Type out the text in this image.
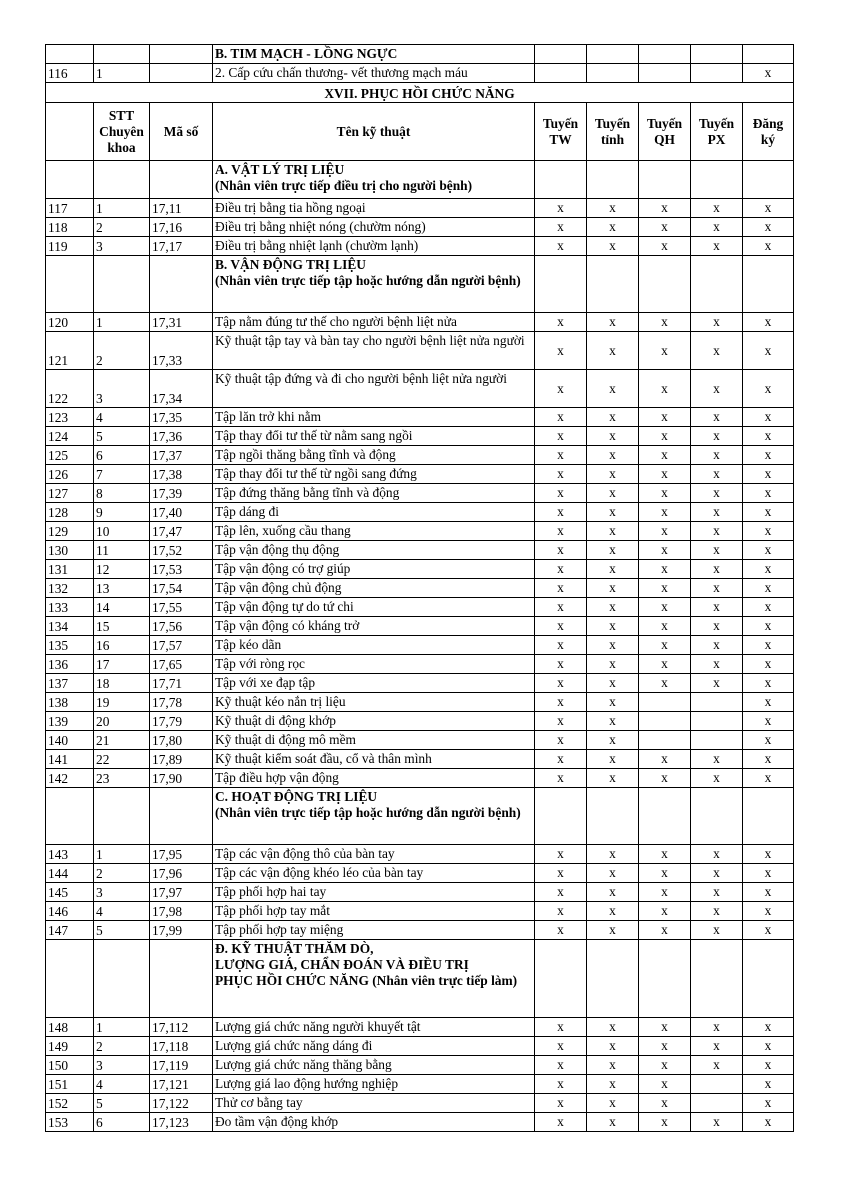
			B. TIM MẠCH - LỒNG NGỰC					
116	1		2. Cấp cứu chấn thương- vết thương mạch máu					x
XVII. PHỤC HỒI CHỨC NĂNG								
	STT Chuyên khoa	Mã số	Tên kỹ thuật	Tuyến TW	Tuyến tỉnh	Tuyến QH	Tuyến PX	Đăng ký
			A. VẬT LÝ TRỊ LIỆU
(Nhân viên trực tiếp điều trị cho người bệnh)					
117	1	17,11	Điều trị bằng tia hồng ngoại	x	x	x	x	x
118	2	17,16	Điều trị bằng nhiệt nóng (chườm nóng)	x	x	x	x	x
119	3	17,17	Điều trị bằng nhiệt lạnh (chườm lạnh)	x	x	x	x	x
			B. VẬN ĐỘNG TRỊ LIỆU
(Nhân viên trực tiếp tập hoặc hướng dẫn người bệnh)					
120	1	17,31	Tập nằm đúng tư thế cho người bệnh liệt nửa	x	x	x	x	x
121	2	17,33	Kỹ thuật tập tay và bàn tay cho người bệnh liệt nửa người	x	x	x	x	x
122	3	17,34	Kỹ thuật tập đứng và đi cho người bệnh liệt nửa người	x	x	x	x	x
123	4	17,35	Tập lăn trở khi nằm	x	x	x	x	x
124	5	17,36	Tập thay đổi tư thế từ nằm sang ngồi	x	x	x	x	x
125	6	17,37	Tập ngồi thăng bằng tĩnh và động	x	x	x	x	x
126	7	17,38	Tập thay đổi tư thế từ ngồi sang đứng	x	x	x	x	x
127	8	17,39	Tập đứng thăng bằng tĩnh và động	x	x	x	x	x
128	9	17,40	Tập dáng đi	x	x	x	x	x
129	10	17,47	Tập lên, xuống cầu thang	x	x	x	x	x
130	11	17,52	Tập vận động thụ động	x	x	x	x	x
131	12	17,53	Tập vận động có trợ giúp	x	x	x	x	x
132	13	17,54	Tập vận động chủ động	x	x	x	x	x
133	14	17,55	Tập vận động tự do tứ chi	x	x	x	x	x
134	15	17,56	Tập vận động có kháng trở	x	x	x	x	x
135	16	17,57	Tập kéo dãn	x	x	x	x	x
136	17	17,65	Tập với ròng rọc	x	x	x	x	x
137	18	17,71	Tập với xe đạp tập	x	x	x	x	x
138	19	17,78	Kỹ thuật kéo nắn trị liệu	x	x			x
139	20	17,79	Kỹ thuật di động khớp	x	x			x
140	21	17,80	Kỹ thuật di động mô mềm	x	x			x
141	22	17,89	Kỹ thuật kiểm soát đầu, cổ và thân mình	x	x	x	x	x
142	23	17,90	Tập điều hợp vận động	x	x	x	x	x
			C. HOẠT ĐỘNG TRỊ LIỆU
(Nhân viên trực tiếp tập hoặc hướng dẫn người bệnh)					
143	1	17,95	Tập các vận động thô của bàn tay	x	x	x	x	x
144	2	17,96	Tập các vận động khéo léo của bàn tay	x	x	x	x	x
145	3	17,97	Tập phối hợp hai tay	x	x	x	x	x
146	4	17,98	Tập phối hợp tay mắt	x	x	x	x	x
147	5	17,99	Tập phối hợp tay miệng	x	x	x	x	x
			Đ. KỸ THUẬT THĂM DÒ,
LƯỢNG GIÁ, CHẨN ĐOÁN VÀ ĐIỀU TRỊ
PHỤC HỒI CHỨC NĂNG (Nhân viên trực tiếp làm)					
148	1	17,112	Lượng giá chức năng người khuyết tật	x	x	x	x	x
149	2	17,118	Lượng giá chức năng dáng đi	x	x	x	x	x
150	3	17,119	Lượng giá chức năng thăng bằng	x	x	x	x	x
151	4	17,121	Lượng giá lao động hướng nghiệp	x	x	x		x
152	5	17,122	Thử cơ bằng tay	x	x	x		x
153	6	17,123	Đo tầm vận động khớp	x	x	x	x	x
